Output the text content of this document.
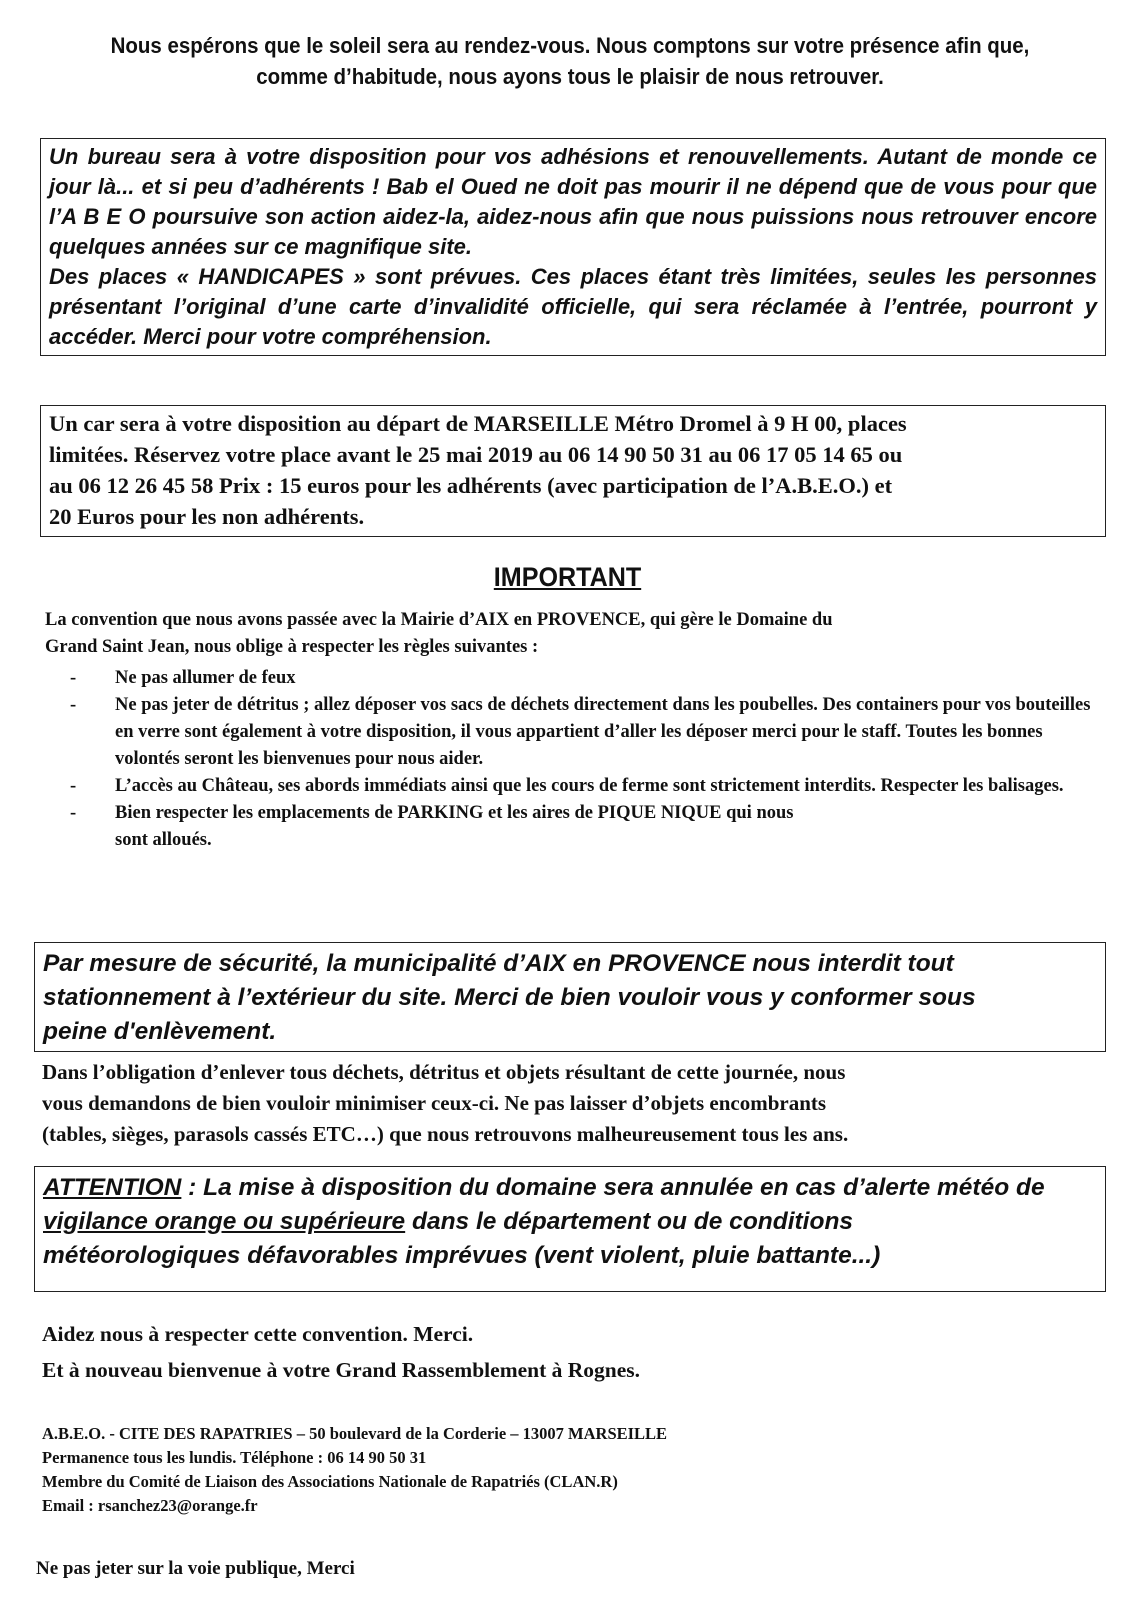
Nous espérons que le soleil sera au rendez-vous. Nous comptons sur votre présence afin que,
comme d’habitude, nous ayons tous le plaisir de nous retrouver.

Un bureau sera à votre disposition pour vos adhésions et renouvellements. Autant de monde ce jour là... et si peu d’adhérents ! Bab el Oued ne doit pas mourir il ne dépend que de vous pour que l’A B E O poursuive son action aidez-la, aidez-nous afin que nous puissions nous retrouver encore quelques années sur ce magnifique site.

Des places « HANDICAPES » sont prévues. Ces places étant très limitées, seules les personnes présentant l’original d’une carte d’invalidité officielle, qui sera réclamée à l’entrée, pourront y accéder. Merci pour votre compréhension.

Un car sera à votre disposition au départ de MARSEILLE Métro Dromel à 9 H 00, places
limitées. Réservez votre place avant le 25 mai 2019 au 06 14 90 50 31 au 06 17 05 14 65 ou
au 06 12 26 45 58 Prix : 15 euros pour les adhérents (avec participation de l’A.B.E.O.) et
20 Euros pour les non adhérents.
IMPORTANT
La convention que nous avons passée avec la Mairie d’AIX en PROVENCE, qui gère le Domaine du
Grand Saint Jean, nous oblige à respecter les règles suivantes :
-	Ne pas allumer de feux
-	Ne pas jeter de détritus ; allez déposer vos sacs de déchets directement dans les poubelles. Des containers pour vos bouteilles en verre sont également à votre disposition, il vous appartient d’aller les déposer merci pour le staff. Toutes les bonnes volontés seront les bienvenues pour nous aider.
-	L’accès au Château, ses abords immédiats ainsi que les cours de ferme sont strictement interdits. Respecter les balisages.
-	Bien respecter les emplacements de PARKING et les aires de PIQUE NIQUE qui nous sont alloués.
Par mesure de sécurité, la municipalité d’AIX en PROVENCE nous interdit tout
stationnement à l’extérieur du site. Merci de bien vouloir vous y conformer sous
peine d'enlèvement.
Dans l’obligation d’enlever tous déchets, détritus et objets résultant de cette journée, nous
vous demandons de bien vouloir minimiser ceux-ci. Ne pas laisser d’objets encombrants
(tables, sièges, parasols cassés ETC…) que nous retrouvons malheureusement tous les ans.
ATTENTION : La mise à disposition du domaine sera annulée en cas d’alerte météo de
vigilance orange ou supérieure dans le département ou de conditions
météorologiques défavorables imprévues (vent violent, pluie battante...)
Aidez nous à respecter cette convention. Merci.
Et à nouveau bienvenue à votre Grand Rassemblement à Rognes.
A.B.E.O. - CITE DES RAPATRIES – 50 boulevard de la Corderie – 13007 MARSEILLE
Permanence tous les lundis. Téléphone : 06 14 90 50 31
Membre du Comité de Liaison des Associations Nationale de Rapatriés (CLAN.R)
Email : rsanchez23@orange.fr
Ne pas jeter sur la voie publique, Merci
